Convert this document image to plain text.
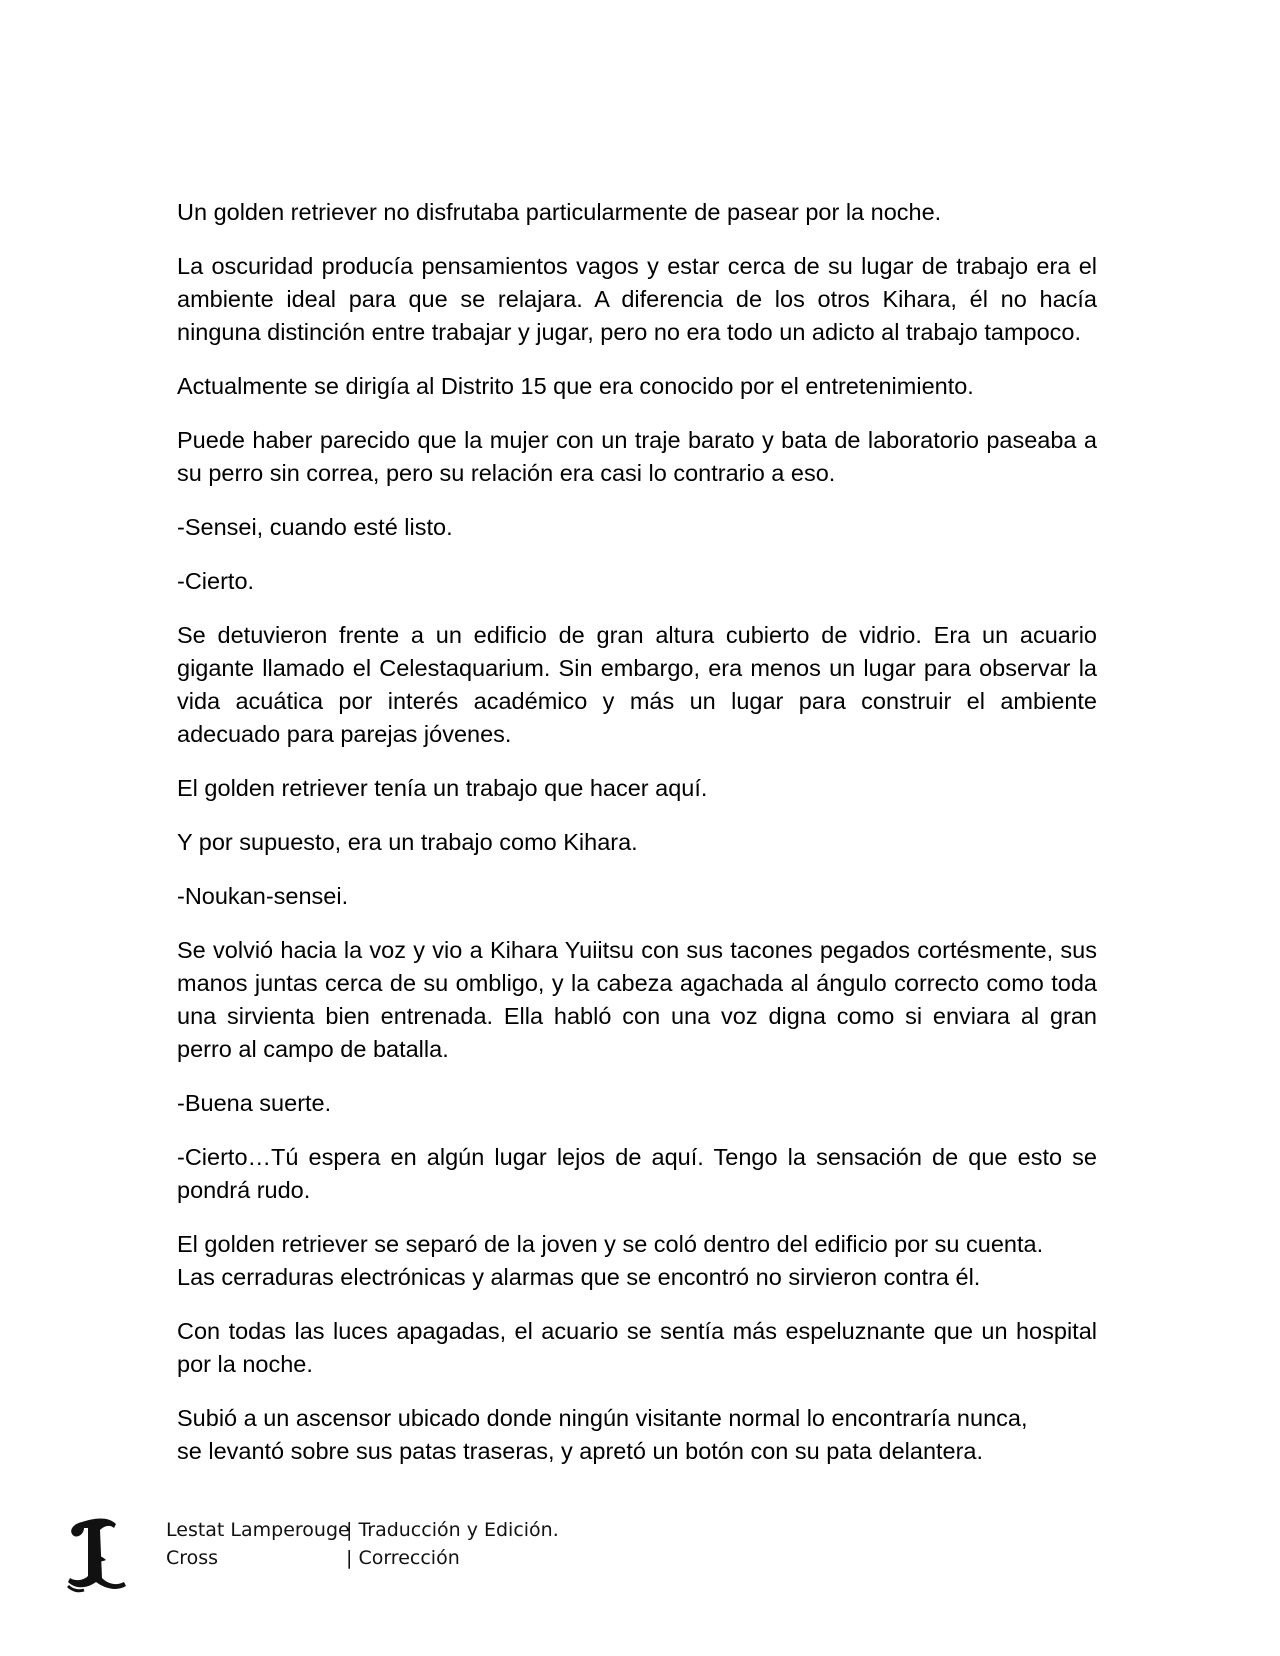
Un golden retriever no disfrutaba particularmente de pasear por la noche.

La oscuridad producía pensamientos vagos y estar cerca de su lugar de trabajo era el ambiente ideal para que se relajara. A diferencia de los otros Kihara, él no hacía ninguna distinción entre trabajar y jugar, pero no era todo un adicto al trabajo tampoco.

Actualmente se dirigía al Distrito 15 que era conocido por el entretenimiento.

Puede haber parecido que la mujer con un traje barato y bata de laboratorio paseaba a su perro sin correa, pero su relación era casi lo contrario a eso.

-Sensei, cuando esté listo.

-Cierto.

Se detuvieron frente a un edificio de gran altura cubierto de vidrio. Era un acuario gigante llamado el Celestaquarium. Sin embargo, era menos un lugar para observar la vida acuática por interés académico y más un lugar para construir el ambiente adecuado para parejas jóvenes.

El golden retriever tenía un trabajo que hacer aquí.

Y por supuesto, era un trabajo como Kihara.

-Noukan-sensei.

Se volvió hacia la voz y vio a Kihara Yuiitsu con sus tacones pegados cortésmente, sus manos juntas cerca de su ombligo, y la cabeza agachada al ángulo correcto como toda una sirvienta bien entrenada. Ella habló con una voz digna como si enviara al gran perro al campo de batalla.

-Buena suerte.

-Cierto…Tú espera en algún lugar lejos de aquí. Tengo la sensación de que esto se pondrá rudo.

El golden retriever se separó de la joven y se coló dentro del edificio por su cuenta.
Las cerraduras electrónicas y alarmas que se encontró no sirvieron contra él.

Con todas las luces apagadas, el acuario se sentía más espeluznante que un hospital por la noche.

Subió a un ascensor ubicado donde ningún visitante normal lo encontraría nunca,
se levantó sobre sus patas traseras, y apretó un botón con su pata delantera.

Lestat Lamperouge
| Traducción y Edición.
Cross	| Corrección
